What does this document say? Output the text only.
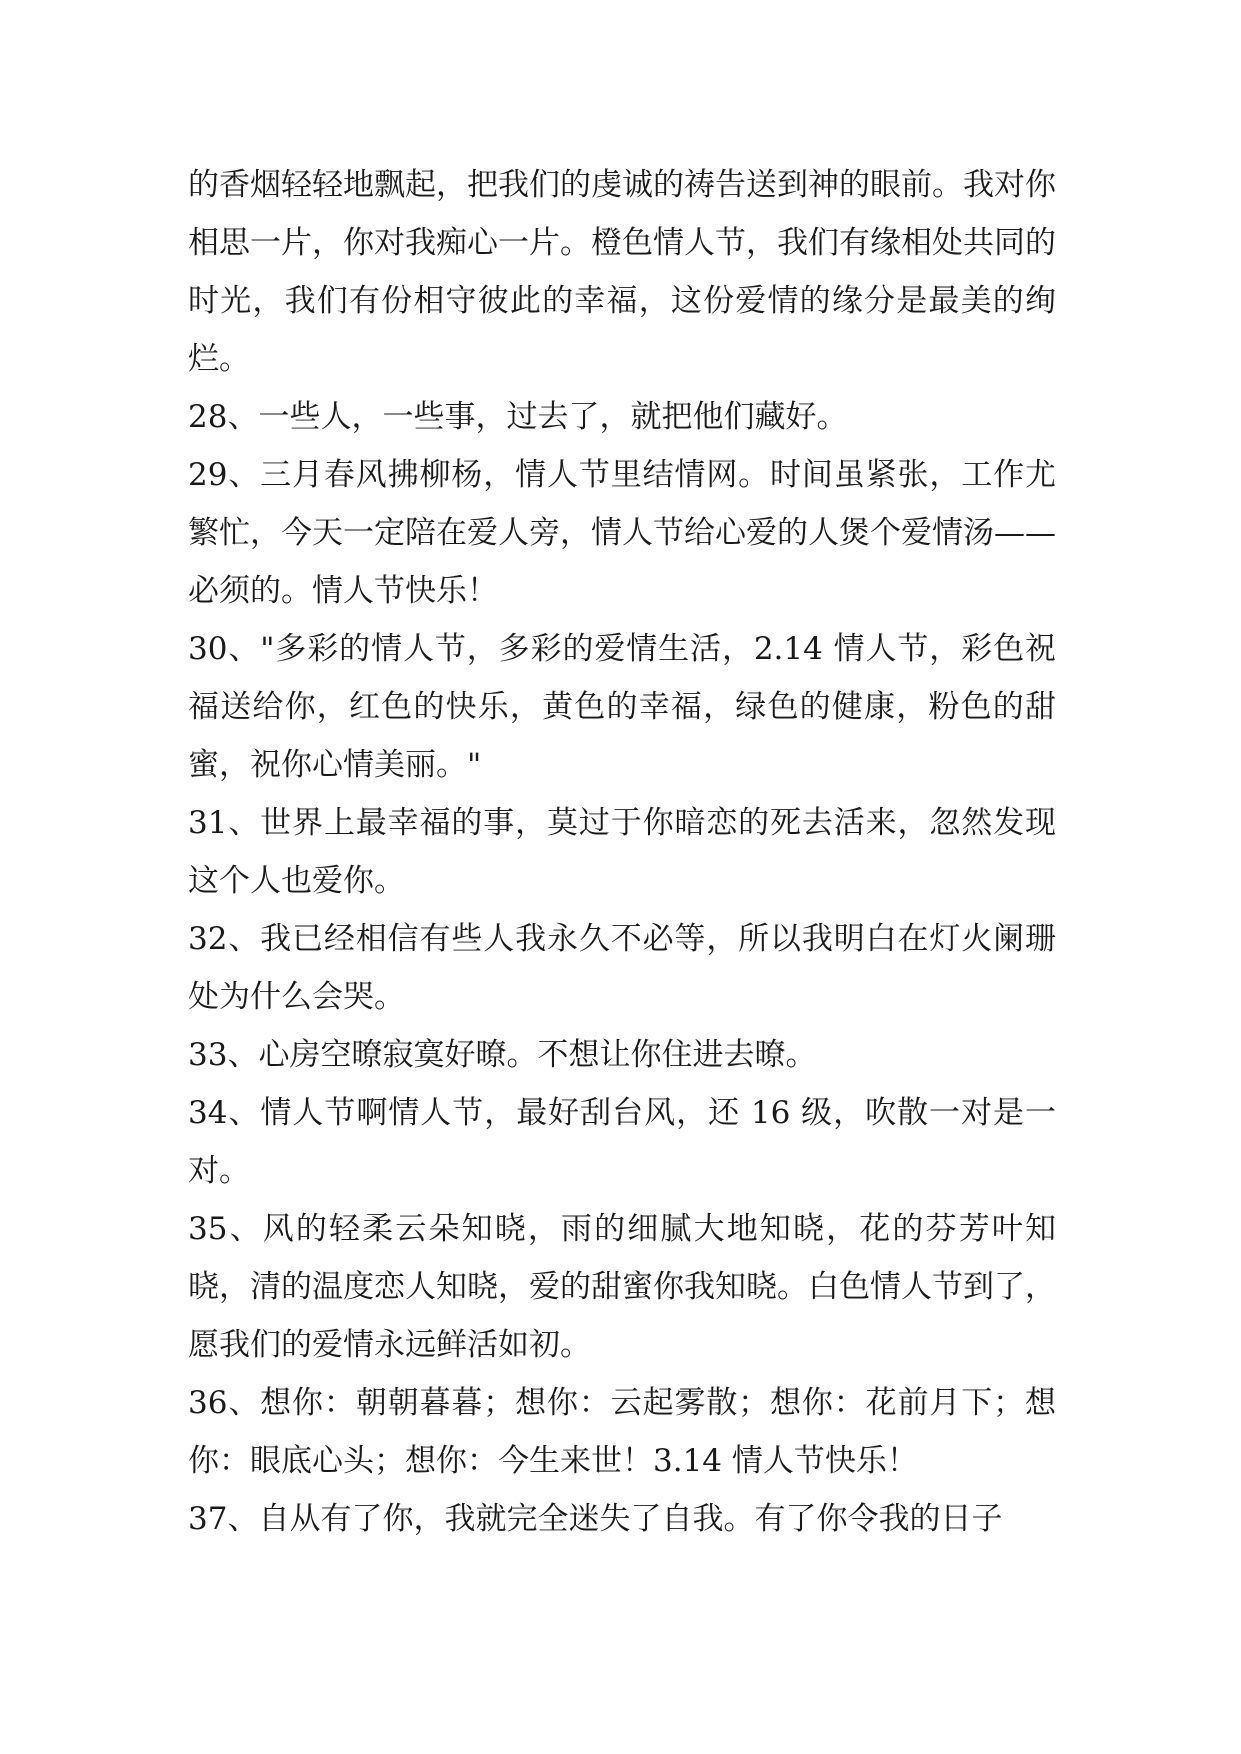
的香烟轻轻地飘起，把我们的虔诚的祷告送到神的眼前。我对你相思一片，你对我痴心一片。橙色情人节，我们有缘相处共同的时光，我们有份相守彼此的幸福，这份爱情的缘分是最美的绚烂。

28、一些人，一些事，过去了，就把他们藏好。

29、三月春风拂柳杨，情人节里结情网。时间虽紧张，工作尤繁忙，今天一定陪在爱人旁，情人节给心爱的人煲个爱情汤——必须的。情人节快乐！

30、"多彩的情人节，多彩的爱情生活，2.14 情人节，彩色祝福送给你，红色的快乐，黄色的幸福，绿色的健康，粉色的甜蜜，祝你心情美丽。"

31、世界上最幸福的事，莫过于你暗恋的死去活来，忽然发现这个人也爱你。

32、我已经相信有些人我永久不必等，所以我明白在灯火阑珊处为什么会哭。

33、心房空暸寂寞好暸。不想让你住进去暸。

34、情人节啊情人节，最好刮台风，还 16 级，吹散一对是一对。

35、风的轻柔云朵知晓，雨的细腻大地知晓，花的芬芳叶知晓，清的温度恋人知晓，爱的甜蜜你我知晓。白色情人节到了，愿我们的爱情永远鲜活如初。

36、想你：朝朝暮暮；想你：云起雾散；想你：花前月下；想你：眼底心头；想你：今生来世！3.14 情人节快乐！

37、自从有了你，我就完全迷失了自我。有了你令我的日子
